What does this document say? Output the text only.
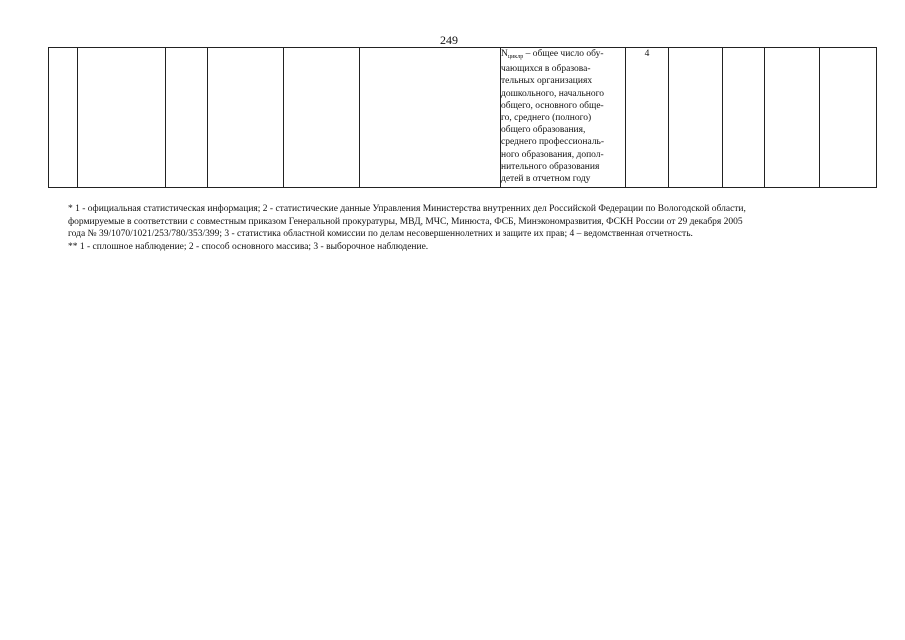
249

$N_{циклр}$ – общее число обу-
чающихся в образова-
тельных организациях
дошкольного, начального
общего, основного обще-
го, среднего (полного)
общего образования,
среднего профессиональ-
ного образования, допол-
нительного образования
детей в отчетном году
	4				

* 1 - официальная статистическая информация; 2 - статистические данные Управления Министерства внутренних дел Российской Федерации по Вологодской области,
формируемые в соответствии с совместным приказом Генеральной прокуратуры, МВД, МЧС, Минюста, ФСБ, Минэкономразвития, ФСКН России от 29 декабря 2005
года № 39/1070/1021/253/780/353/399; 3 - статистика областной комиссии по делам несовершеннолетних и защите их прав; 4 – ведомственная отчетность.

** 1 - сплошное наблюдение; 2 - способ основного массива; 3 - выборочное наблюдение.
